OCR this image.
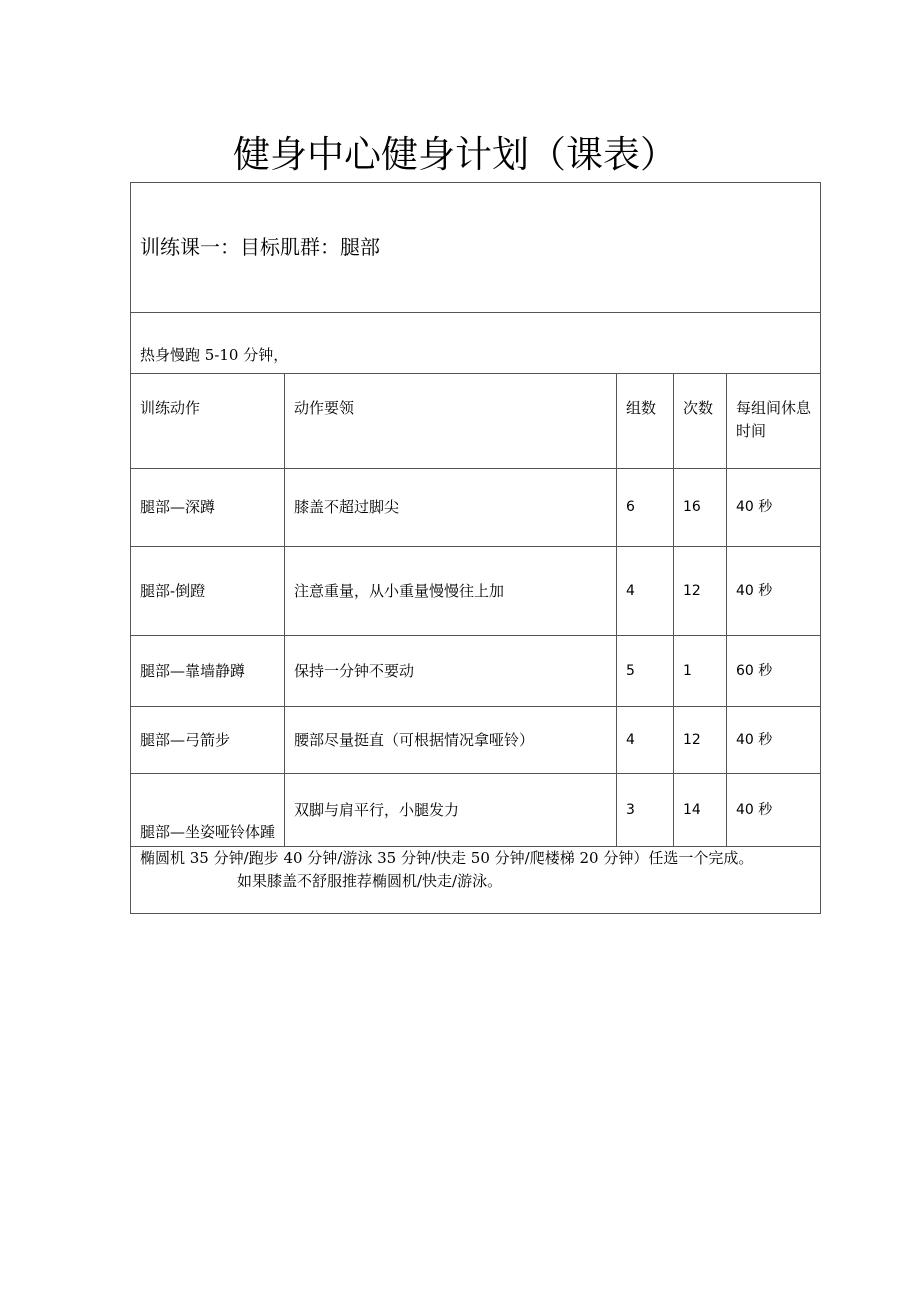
健身中心健身计划（课表）
训练课一：目标肌群：腿部				
热身慢跑 5-10 分钟，				
训练动作	动作要领	组数	次数	每组间休息时间
腿部—深蹲	膝盖不超过脚尖	6	16	40 秒
腿部-倒蹬	注意重量，从小重量慢慢往上加	4	12	40 秒
腿部—靠墙静蹲	保持一分钟不要动	5	1	60 秒
腿部—弓箭步	腰部尽量挺直（可根据情况拿哑铃）	4	12	40 秒
腿部—坐姿哑铃体踵	双脚与肩平行，小腿发力	3	14	40 秒

椭圆机 35 分钟/跑步 40 分钟/游泳 35 分钟/快走 50 分钟/爬楼梯 20 分钟）任选一个完成。
如果膝盖不舒服推荐椭圆机/快走/游泳。				
